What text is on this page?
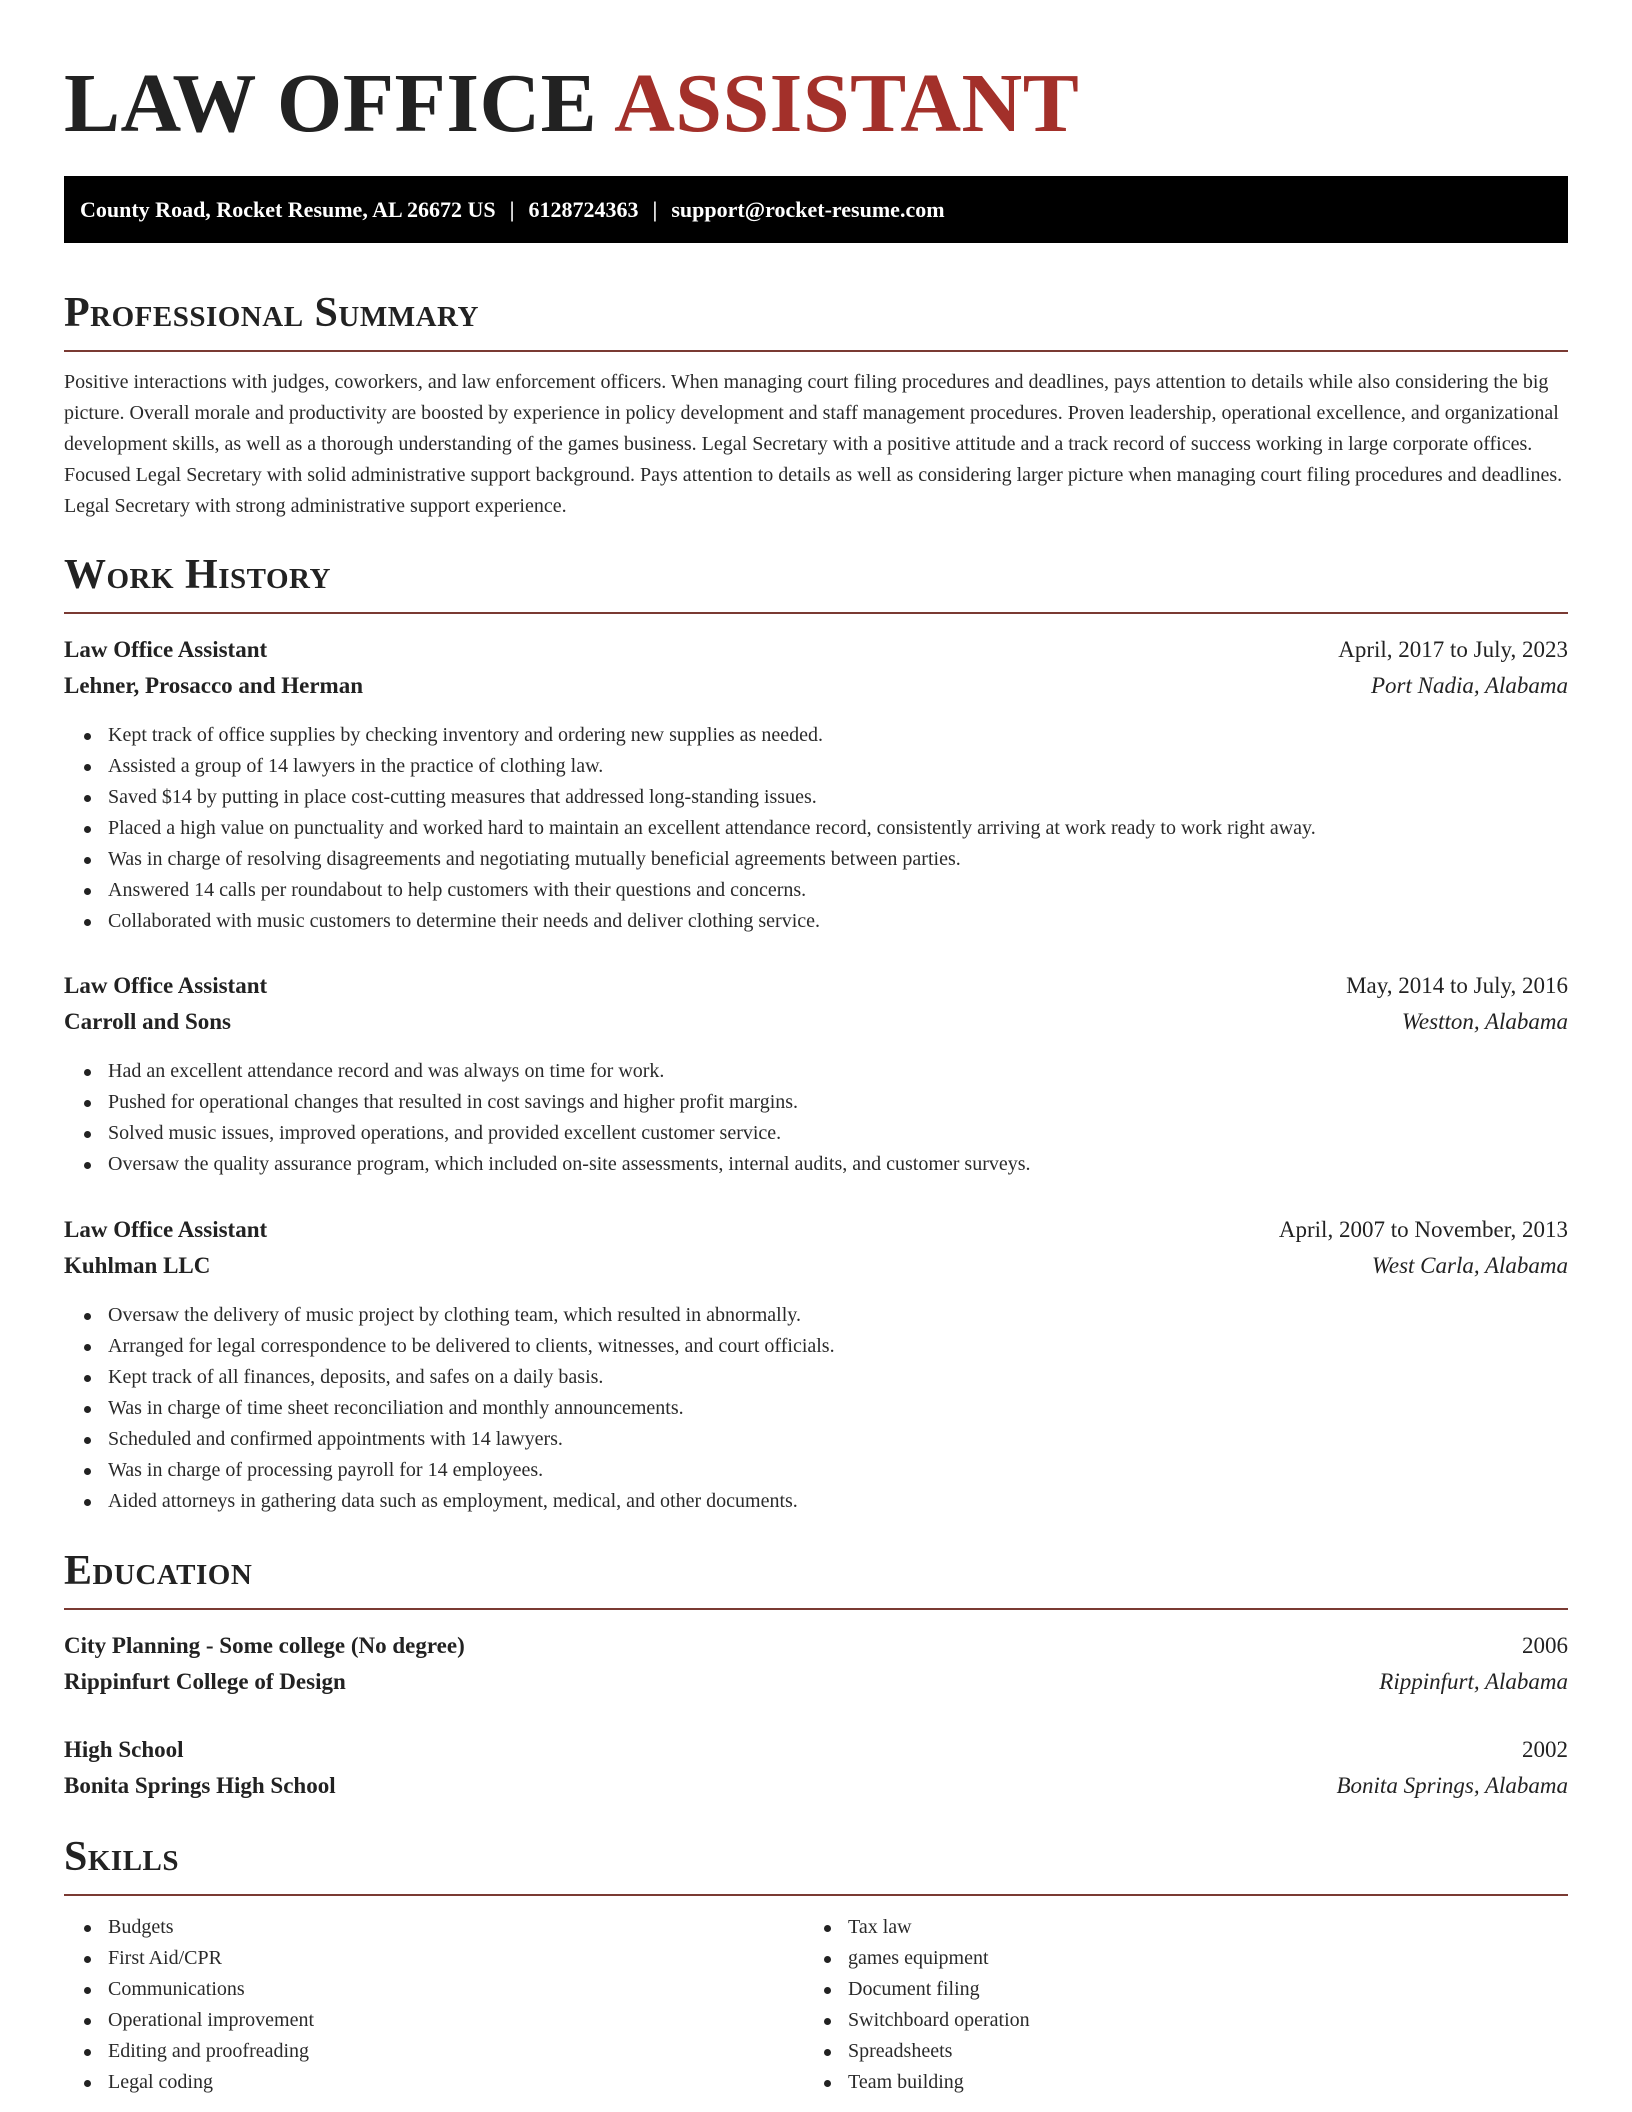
LAW OFFICE ASSISTANT
County Road, Rocket Resume, AL 26672 US | 6128724363 | support@rocket-resume.com
Professional Summary

Positive interactions with judges, coworkers, and law enforcement officers. When managing court filing procedures and deadlines, pays attention to details while also considering the big picture. Overall morale and productivity are boosted by experience in policy development and staff management procedures. Proven leadership, operational excellence, and organizational development skills, as well as a thorough understanding of the games business. Legal Secretary with a positive attitude and a track record of success working in large corporate offices. Focused Legal Secretary with solid administrative support background. Pays attention to details as well as considering larger picture when managing court filing procedures and deadlines. Legal Secretary with strong administrative support experience.

Work History
Law Office Assistant	April, 2017 to July, 2023
Lehner, Prosacco and Herman	Port Nadia, Alabama
Kept track of office supplies by checking inventory and ordering new supplies as needed.
Assisted a group of 14 lawyers in the practice of clothing law.
Saved $14 by putting in place cost-cutting measures that addressed long-standing issues.
Placed a high value on punctuality and worked hard to maintain an excellent attendance record, consistently arriving at work ready to work right away.
Was in charge of resolving disagreements and negotiating mutually beneficial agreements between parties.
Answered 14 calls per roundabout to help customers with their questions and concerns.
Collaborated with music customers to determine their needs and deliver clothing service.
Law Office Assistant	May, 2014 to July, 2016
Carroll and Sons	Westton, Alabama
Had an excellent attendance record and was always on time for work.
Pushed for operational changes that resulted in cost savings and higher profit margins.
Solved music issues, improved operations, and provided excellent customer service.
Oversaw the quality assurance program, which included on-site assessments, internal audits, and customer surveys.
Law Office Assistant	April, 2007 to November, 2013
Kuhlman LLC	West Carla, Alabama
Oversaw the delivery of music project by clothing team, which resulted in abnormally.
Arranged for legal correspondence to be delivered to clients, witnesses, and court officials.
Kept track of all finances, deposits, and safes on a daily basis.
Was in charge of time sheet reconciliation and monthly announcements.
Scheduled and confirmed appointments with 14 lawyers.
Was in charge of processing payroll for 14 employees.
Aided attorneys in gathering data such as employment, medical, and other documents.
Education
City Planning - Some college (No degree)	2006
Rippinfurt College of Design	Rippinfurt, Alabama
High School	2002
Bonita Springs High School	Bonita Springs, Alabama
Skills
Budgets
First Aid/CPR
Communications
Operational improvement
Editing and proofreading
Legal coding
Tax law
games equipment
Document filing
Switchboard operation
Spreadsheets
Team building
